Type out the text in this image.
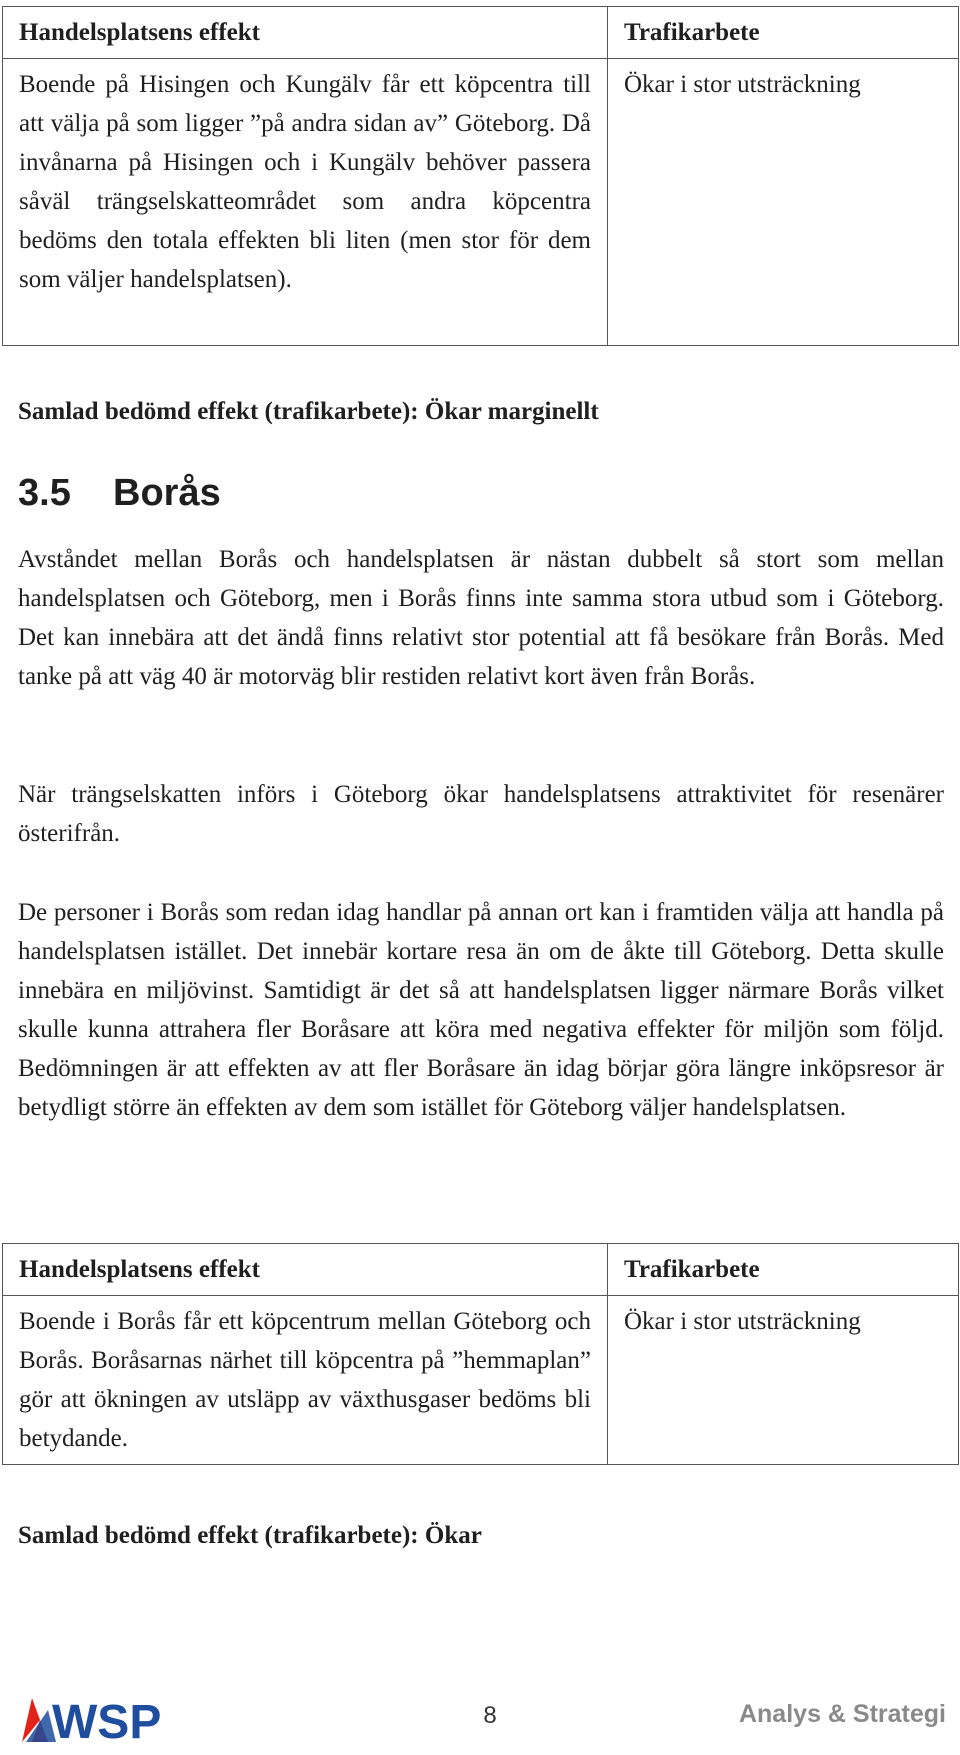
Handelsplatsens effekt	Trafikarbete
Boende på Hisingen och Kungälv får ett köpcentra till att välja på som ligger ”på andra sidan av” Göteborg. Då invånarna på Hisingen och i Kungälv behöver passera såväl trängselskatteområdet som andra köpcentra bedöms den totala effekten bli liten (men stor för dem som väljer handelsplatsen).	Ökar i stor utsträckning
Samlad bedömd effekt (trafikarbete): Ökar marginellt
3.5 Borås

Avståndet mellan Borås och handelsplatsen är nästan dubbelt så stort som mellan handelsplatsen och Göteborg, men i Borås finns inte samma stora utbud som i Göteborg. Det kan innebära att det ändå finns relativt stor potential att få besökare från Borås. Med tanke på att väg 40 är motorväg blir restiden relativt kort även från Borås.

När trängselskatten införs i Göteborg ökar handelsplatsens attraktivitet för resenärer österifrån.

De personer i Borås som redan idag handlar på annan ort kan i framtiden välja att handla på handelsplatsen istället. Det innebär kortare resa än om de åkte till Göteborg. Detta skulle innebära en miljövinst. Samtidigt är det så att handelsplatsen ligger närmare Borås vilket skulle kunna attrahera fler Boråsare att köra med negativa effekter för miljön som följd. Bedömningen är att effekten av att fler Boråsare än idag börjar göra längre inköpsresor är betydligt större än effekten av dem som istället för Göteborg väljer handelsplatsen.

Handelsplatsens effekt	Trafikarbete
Boende i Borås får ett köpcentrum mellan Göteborg och Borås. Boråsarnas närhet till köpcentra på ”hemmaplan” gör att ökningen av utsläpp av växthusgaser bedöms bli betydande.	Ökar i stor utsträckning
Samlad bedömd effekt (trafikarbete): Ökar
WSP	8	Analys & Strategi
